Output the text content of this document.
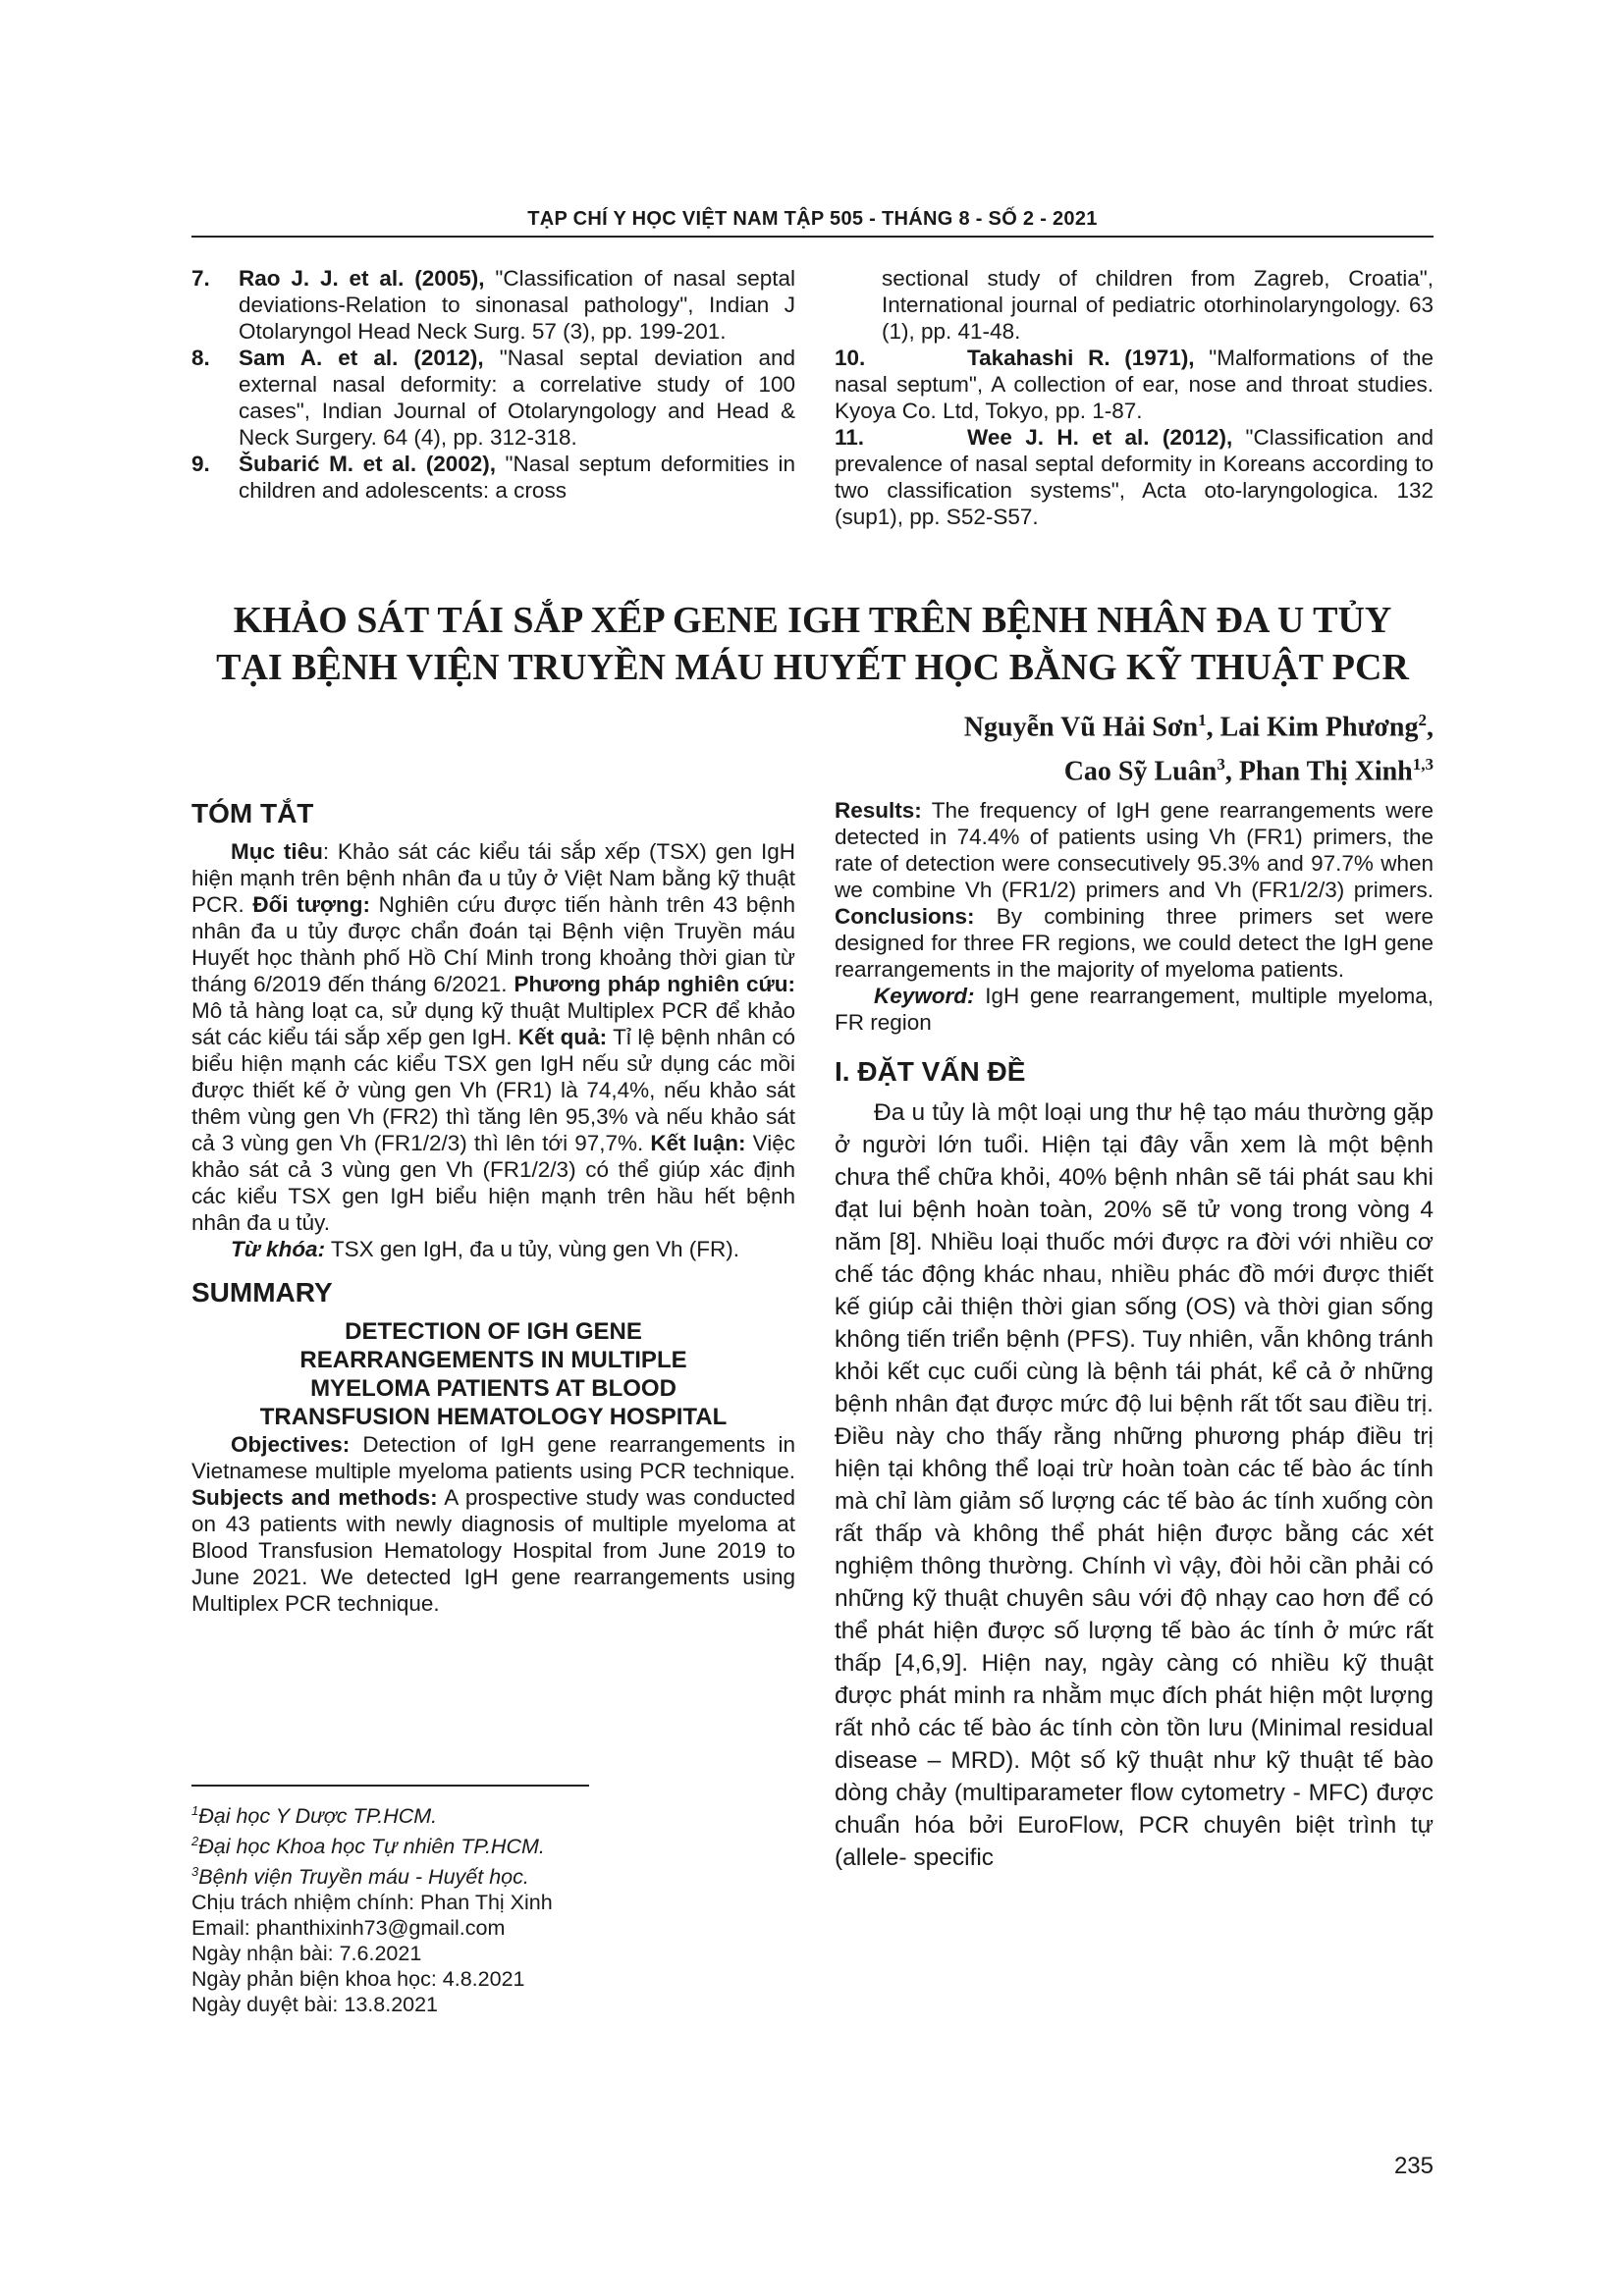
TẠP CHÍ Y HỌC VIỆT NAM TẬP 505 - THÁNG 8 - SỐ 2 - 2021

7. Rao J. J. et al. (2005), "Classification of nasal septal deviations-Relation to sinonasal pathology", Indian J Otolaryngol Head Neck Surg. 57 (3), pp. 199-201.

8. Sam A. et al. (2012), "Nasal septal deviation and external nasal deformity: a correlative study of 100 cases", Indian Journal of Otolaryngology and Head & Neck Surgery. 64 (4), pp. 312-318.

9. Šubarić M. et al. (2002), "Nasal septum deformities in children and adolescents: a cross

sectional study of children from Zagreb, Croatia", International journal of pediatric otorhinolaryngology. 63 (1), pp. 41-48.

10.	Takahashi R. (1971), "Malformations of the nasal septum", A collection of ear, nose and throat studies. Kyoya Co. Ltd, Tokyo, pp. 1-87.

11.	Wee J. H. et al. (2012), "Classification and prevalence of nasal septal deformity in Koreans according to two classification systems", Acta oto-laryngologica. 132 (sup1), pp. S52-S57.

KHẢO SÁT TÁI SẮP XẾP GENE IGH TRÊN BỆNH NHÂN ĐA U TỦY
TẠI BỆNH VIỆN TRUYỀN MÁU HUYẾT HỌC BẰNG KỸ THUẬT PCR
Nguyễn Vũ Hải Sơn$^1$, Lai Kim Phương$^2$,
Cao Sỹ Luân$^3$, Phan Thị Xinh$^{1,3}$
TÓM TẮT

Mục tiêu: Khảo sát các kiểu tái sắp xếp (TSX) gen IgH hiện mạnh trên bệnh nhân đa u tủy ở Việt Nam bằng kỹ thuật PCR. Đối tượng: Nghiên cứu được tiến hành trên 43 bệnh nhân đa u tủy được chẩn đoán tại Bệnh viện Truyền máu Huyết học thành phố Hồ Chí Minh trong khoảng thời gian từ tháng 6/2019 đến tháng 6/2021. Phương pháp nghiên cứu: Mô tả hàng loạt ca, sử dụng kỹ thuật Multiplex PCR để khảo sát các kiểu tái sắp xếp gen IgH. Kết quả: Tỉ lệ bệnh nhân có biểu hiện mạnh các kiểu TSX gen IgH nếu sử dụng các mồi được thiết kế ở vùng gen Vh (FR1) là 74,4%, nếu khảo sát thêm vùng gen Vh (FR2) thì tăng lên 95,3% và nếu khảo sát cả 3 vùng gen Vh (FR1/2/3) thì lên tới 97,7%. Kết luận: Việc khảo sát cả 3 vùng gen Vh (FR1/2/3) có thể giúp xác định các kiểu TSX gen IgH biểu hiện mạnh trên hầu hết bệnh nhân đa u tủy.

Từ khóa: TSX gen IgH, đa u tủy, vùng gen Vh (FR).

SUMMARY

DETECTION OF IGH GENE REARRANGEMENTS IN MULTIPLE MYELOMA PATIENTS AT BLOOD TRANSFUSION HEMATOLOGY HOSPITAL

Objectives: Detection of IgH gene rearrangements in Vietnamese multiple myeloma patients using PCR technique. Subjects and methods: A prospective study was conducted on 43 patients with newly diagnosis of multiple myeloma at Blood Transfusion Hematology Hospital from June 2019 to June 2021. We detected IgH gene rearrangements using Multiplex PCR technique.

$^1$Đại học Y Dược TP.HCM.
$^2$Đại học Khoa học Tự nhiên TP.HCM.
$^3$Bệnh viện Truyền máu - Huyết học.
Chịu trách nhiệm chính: Phan Thị Xinh
Email: phanthixinh73@gmail.com
Ngày nhận bài: 7.6.2021
Ngày phản biện khoa học: 4.8.2021
Ngày duyệt bài: 13.8.2021

Results: The frequency of IgH gene rearrangements were detected in 74.4% of patients using Vh (FR1) primers, the rate of detection were consecutively 95.3% and 97.7% when we combine Vh (FR1/2) primers and Vh (FR1/2/3) primers. Conclusions: By combining three primers set were designed for three FR regions, we could detect the IgH gene rearrangements in the majority of myeloma patients.

Keyword: IgH gene rearrangement, multiple myeloma, FR region

I. ĐẶT VẤN ĐỀ

Đa u tủy là một loại ung thư hệ tạo máu thường gặp ở người lớn tuổi. Hiện tại đây vẫn xem là một bệnh chưa thể chữa khỏi, 40% bệnh nhân sẽ tái phát sau khi đạt lui bệnh hoàn toàn, 20% sẽ tử vong trong vòng 4 năm [8]. Nhiều loại thuốc mới được ra đời với nhiều cơ chế tác động khác nhau, nhiều phác đồ mới được thiết kế giúp cải thiện thời gian sống (OS) và thời gian sống không tiến triển bệnh (PFS). Tuy nhiên, vẫn không tránh khỏi kết cục cuối cùng là bệnh tái phát, kể cả ở những bệnh nhân đạt được mức độ lui bệnh rất tốt sau điều trị. Điều này cho thấy rằng những phương pháp điều trị hiện tại không thể loại trừ hoàn toàn các tế bào ác tính mà chỉ làm giảm số lượng các tế bào ác tính xuống còn rất thấp và không thể phát hiện được bằng các xét nghiệm thông thường. Chính vì vậy, đòi hỏi cần phải có những kỹ thuật chuyên sâu với độ nhạy cao hơn để có thể phát hiện được số lượng tế bào ác tính ở mức rất thấp [4,6,9]. Hiện nay, ngày càng có nhiều kỹ thuật được phát minh ra nhằm mục đích phát hiện một lượng rất nhỏ các tế bào ác tính còn tồn lưu (Minimal residual disease – MRD). Một số kỹ thuật như kỹ thuật tế bào dòng chảy (multiparameter flow cytometry - MFC) được chuẩn hóa bởi EuroFlow, PCR chuyên biệt trình tự (allele- specific

235
